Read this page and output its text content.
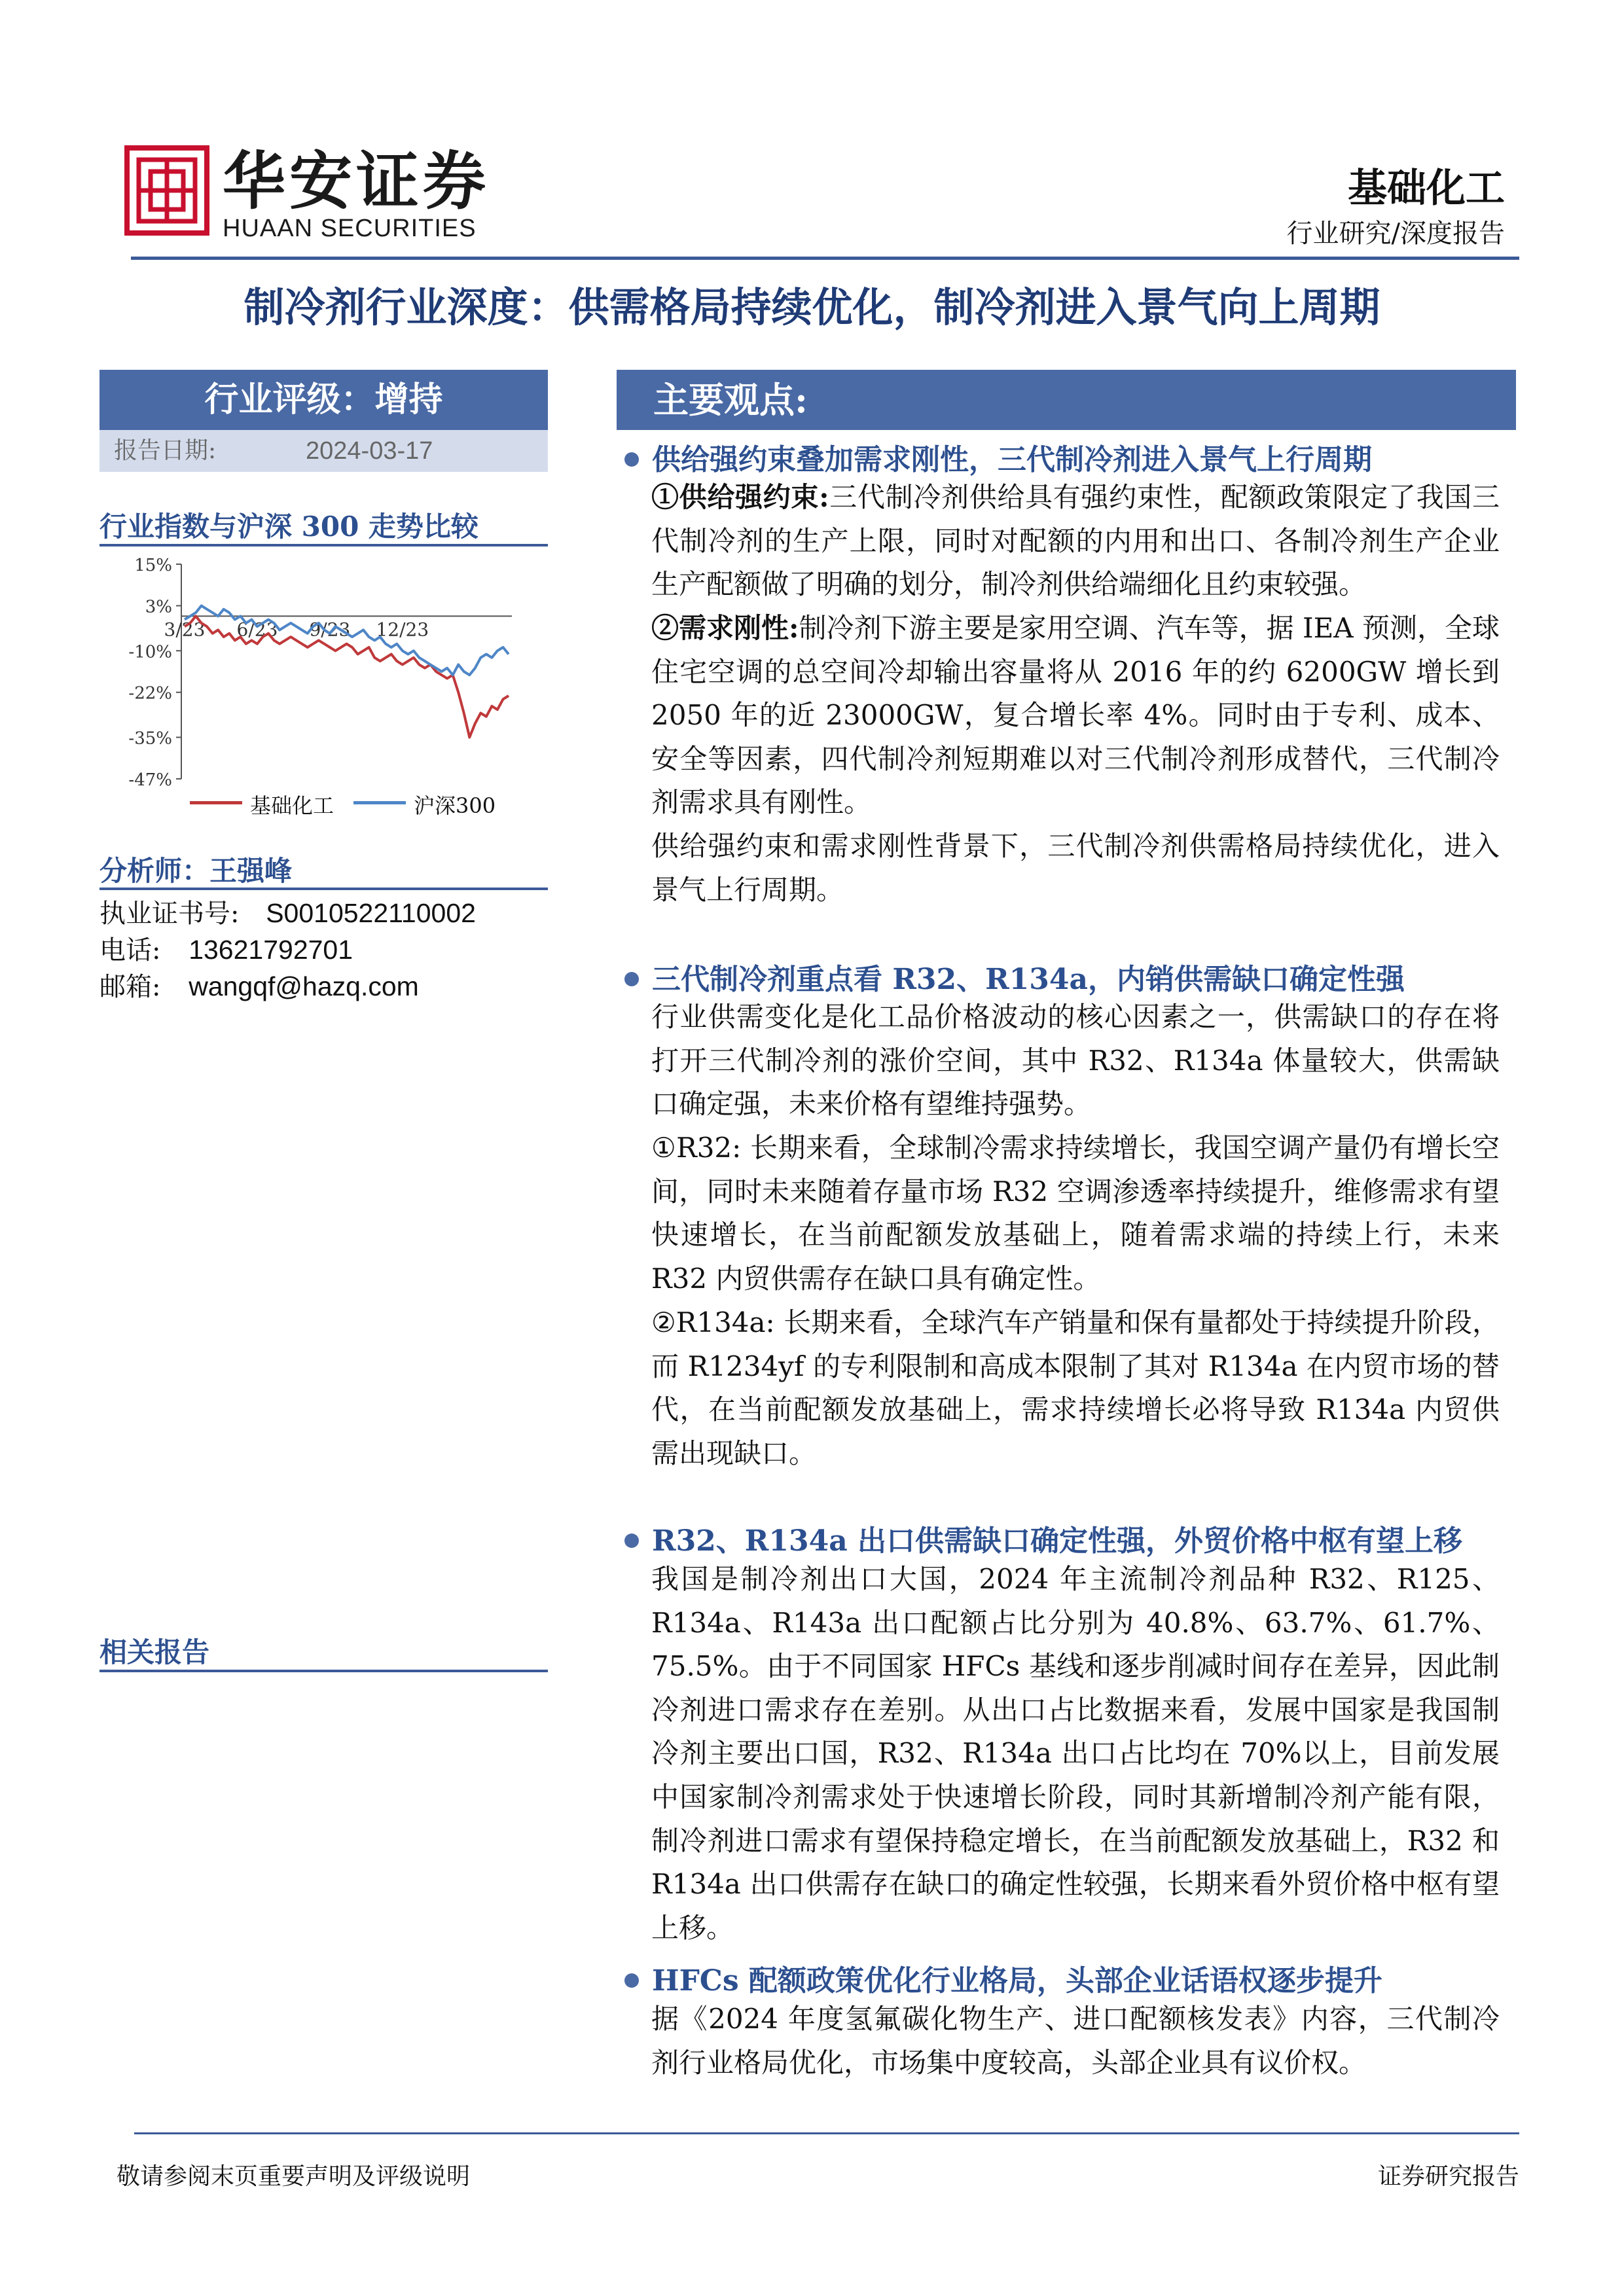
华安证券
HUAAN SECURITIES
基础化工
行业研究/深度报告
制冷剂行业深度：供需格局持续优化，制冷剂进入景气向上周期
行业评级：增持
报告日期:	2024-03-17
行业指数与沪深 300 走势比较
15%
3%
-10%
-22%
-35%
-47%
3/23 6/23 9/23 12/23
基础化工	沪深300
分析师：王强峰
执业证书号: S0010522110002
电话: 13621792701
邮箱: wangqf@hazq.com
相关报告
主要观点:
供给强约束叠加需求刚性，三代制冷剂进入景气上行周期
①供给强约束:三代制冷剂供给具有强约束性，配额政策限定了我国三代制冷剂的生产上限，同时对配额的内用和出口、各制冷剂生产企业生产配额做了明确的划分，制冷剂供给端细化且约束较强。
②需求刚性:制冷剂下游主要是家用空调、汽车等，据 IEA 预测，全球住宅空调的总空间冷却输出容量将从 2016 年的约 6200GW 增长到 2050 年的近 23000GW，复合增长率 4%。同时由于专利、成本、安全等因素，四代制冷剂短期难以对三代制冷剂形成替代，三代制冷剂需求具有刚性。
供给强约束和需求刚性背景下，三代制冷剂供需格局持续优化，进入景气上行周期。
三代制冷剂重点看 R32、R134a，内销供需缺口确定性强
行业供需变化是化工品价格波动的核心因素之一，供需缺口的存在将打开三代制冷剂的涨价空间，其中 R32、R134a 体量较大，供需缺口确定强，未来价格有望维持强势。
①R32: 长期来看，全球制冷需求持续增长，我国空调产量仍有增长空间，同时未来随着存量市场 R32 空调渗透率持续提升，维修需求有望快速增长，在当前配额发放基础上，随着需求端的持续上行，未来 R32 内贸供需存在缺口具有确定性。
②R134a: 长期来看，全球汽车产销量和保有量都处于持续提升阶段，而 R1234yf 的专利限制和高成本限制了其对 R134a 在内贸市场的替代，在当前配额发放基础上，需求持续增长必将导致 R134a 内贸供需出现缺口。
R32、R134a 出口供需缺口确定性强，外贸价格中枢有望上移
我国是制冷剂出口大国，2024 年主流制冷剂品种 R32、R125、R134a、R143a 出口配额占比分别为 40.8%、63.7%、61.7%、75.5%。由于不同国家 HFCs 基线和逐步削减时间存在差异，因此制冷剂进口需求存在差别。从出口占比数据来看，发展中国家是我国制冷剂主要出口国，R32、R134a 出口占比均在 70%以上，目前发展中国家制冷剂需求处于快速增长阶段，同时其新增制冷剂产能有限，制冷剂进口需求有望保持稳定增长，在当前配额发放基础上，R32 和 R134a 出口供需存在缺口的确定性较强，长期来看外贸价格中枢有望上移。
HFCs 配额政策优化行业格局，头部企业话语权逐步提升
据《2024 年度氢氟碳化物生产、进口配额核发表》内容，三代制冷剂行业格局优化，市场集中度较高，头部企业具有议价权。
敬请参阅末页重要声明及评级说明	证券研究报告
